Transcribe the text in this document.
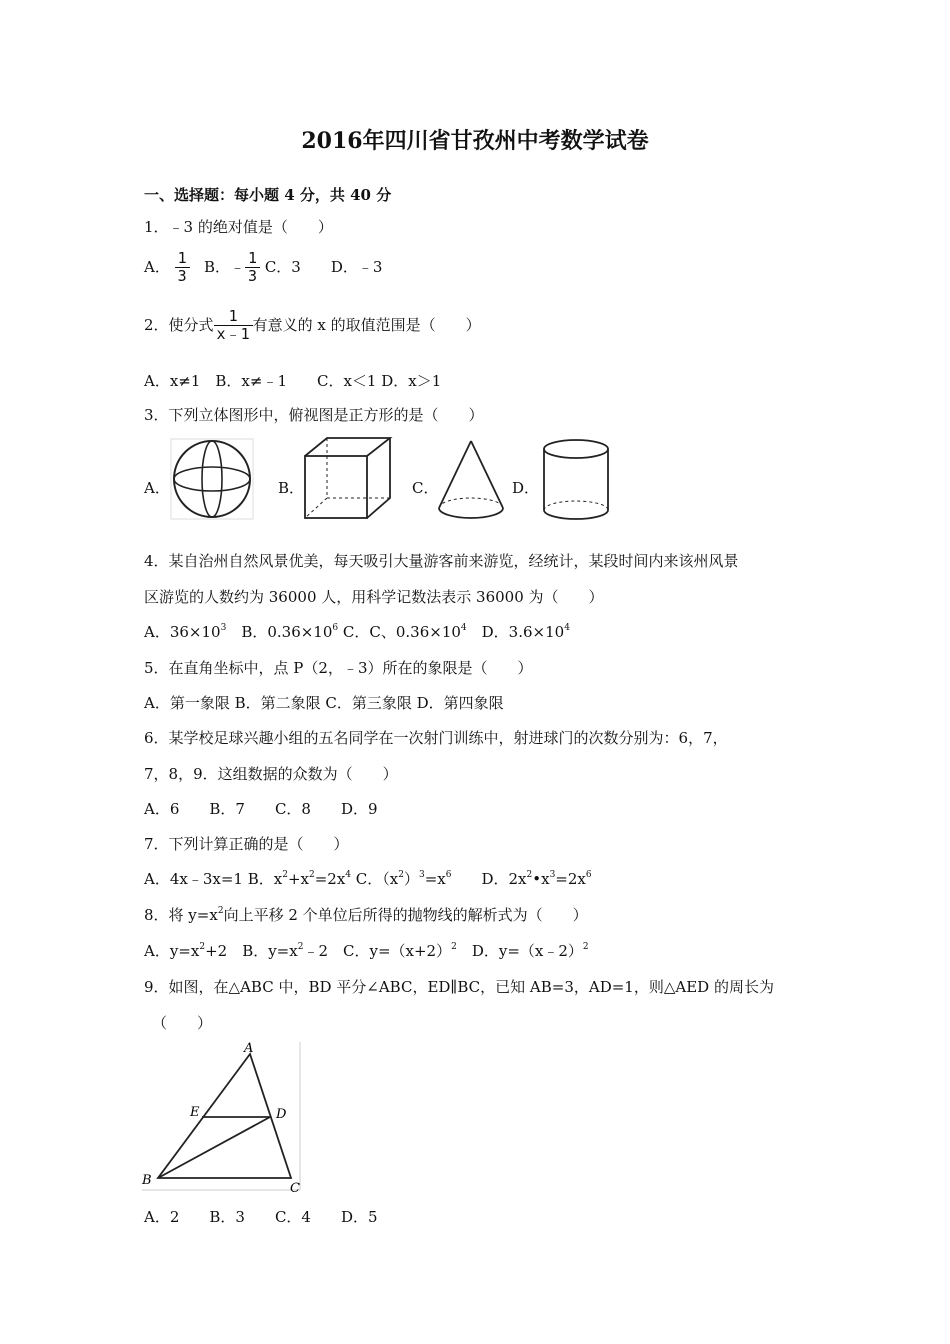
2016年四川省甘孜州中考数学试卷
一、选择题：每小题 4 分，共 40 分
1．﹣3 的绝对值是（　　）
A． $\frac{1}{3}$ B．﹣ $\frac{1}{3}$ C．3　　D．﹣3
2．使分式 $\frac{1}{x﹣1}$ 有意义的 x 的取值范围是（　　）
A．x≠1　B．x≠﹣1　　C．x＜1 D．x＞1
3．下列立体图形中，俯视图是正方形的是（　　）
A．	B．	C．	D．
4．某自治州自然风景优美，每天吸引大量游客前来游览，经统计，某段时间内来该州风景
区游览的人数约为 36000 人，用科学记数法表示 36000 为（　　）
A．$36\times 10^3$　B．$0.36\times 10^6$ C．C、$0.36\times 10^4$　D．$3.6\times 10^4$
5．在直角坐标中，点 P（2，﹣3）所在的象限是（　　）
A．第一象限 B．第二象限 C．第三象限 D．第四象限
6．某学校足球兴趣小组的五名同学在一次射门训练中，射进球门的次数分别为：6，7，
7，8，9．这组数据的众数为（　　）
A．6　　B．7　　C．8　　D．9
7．下列计算正确的是（　　）
A．4x﹣3x=1 B．$x^2+x^2=2x^4$ C．$(x^2)^3=x^6$　　D．$2x^2•x^3=2x^6$
8．将 $y=x^2$向上平移 2 个单位后所得的抛物线的解析式为（　　）
A．$y=x^2+2$　B．$y=x^2﹣2$　C．$y=(x+2)^2$　D．y=（x﹣2）$^2$
9．如图，在△ABC 中，BD 平分∠ABC，ED∥BC，已知 AB=3，AD=1，则△AED 的周长为
（　　）
A
B
C
D
E
A．2　　B．3　　C．4　　D．5
